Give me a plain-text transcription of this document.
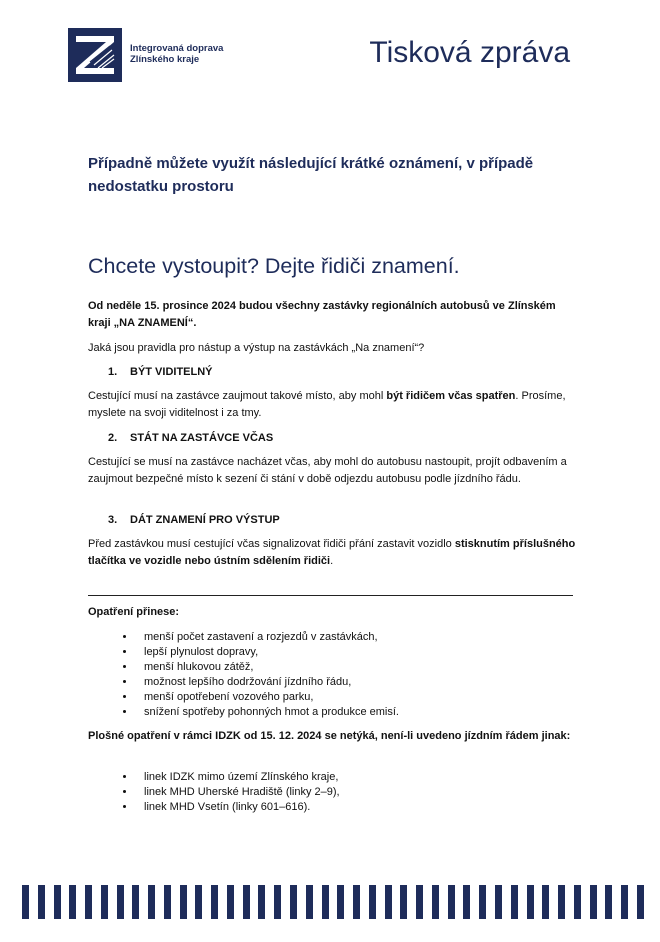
Integrovaná doprava
Zlínského kraje	Tisková zpráva
Případně můžete využít následující krátké oznámení, v případě nedostatku prostoru
Chcete vystoupit? Dejte řidiči znamení.
Od neděle 15. prosince 2024 budou všechny zastávky regionálních autobusů ve Zlínském kraji „NA ZNAMENÍ“.
Jaká jsou pravidla pro nástup a výstup na zastávkách „Na znamení“?
1. BÝT VIDITELNÝ
Cestující musí na zastávce zaujmout takové místo, aby mohl být řidičem včas spatřen. Prosíme, myslete na svoji viditelnost i za tmy.
2. STÁT NA ZASTÁVCE VČAS
Cestující se musí na zastávce nacházet včas, aby mohl do autobusu nastoupit, projít odbavením a zaujmout bezpečné místo k sezení či stání v době odjezdu autobusu podle jízdního řádu.
3. DÁT ZNAMENÍ PRO VÝSTUP
Před zastávkou musí cestující včas signalizovat řidiči přání zastavit vozidlo stisknutím příslušného tlačítka ve vozidle nebo ústním sdělením řidiči.
Opatření přinese:
• menší počet zastavení a rozjezdů v zastávkách,
• lepší plynulost dopravy,
• menší hlukovou zátěž,
• možnost lepšího dodržování jízdního řádu,
• menší opotřebení vozového parku,
• snížení spotřeby pohonných hmot a produkce emisí.
Plošné opatření v rámci IDZK od 15. 12. 2024 se netýká, není-li uvedeno jízdním řádem jinak:
• linek IDZK mimo území Zlínského kraje,
• linek MHD Uherské Hradiště (linky 2–9),
• linek MHD Vsetín (linky 601–616).
